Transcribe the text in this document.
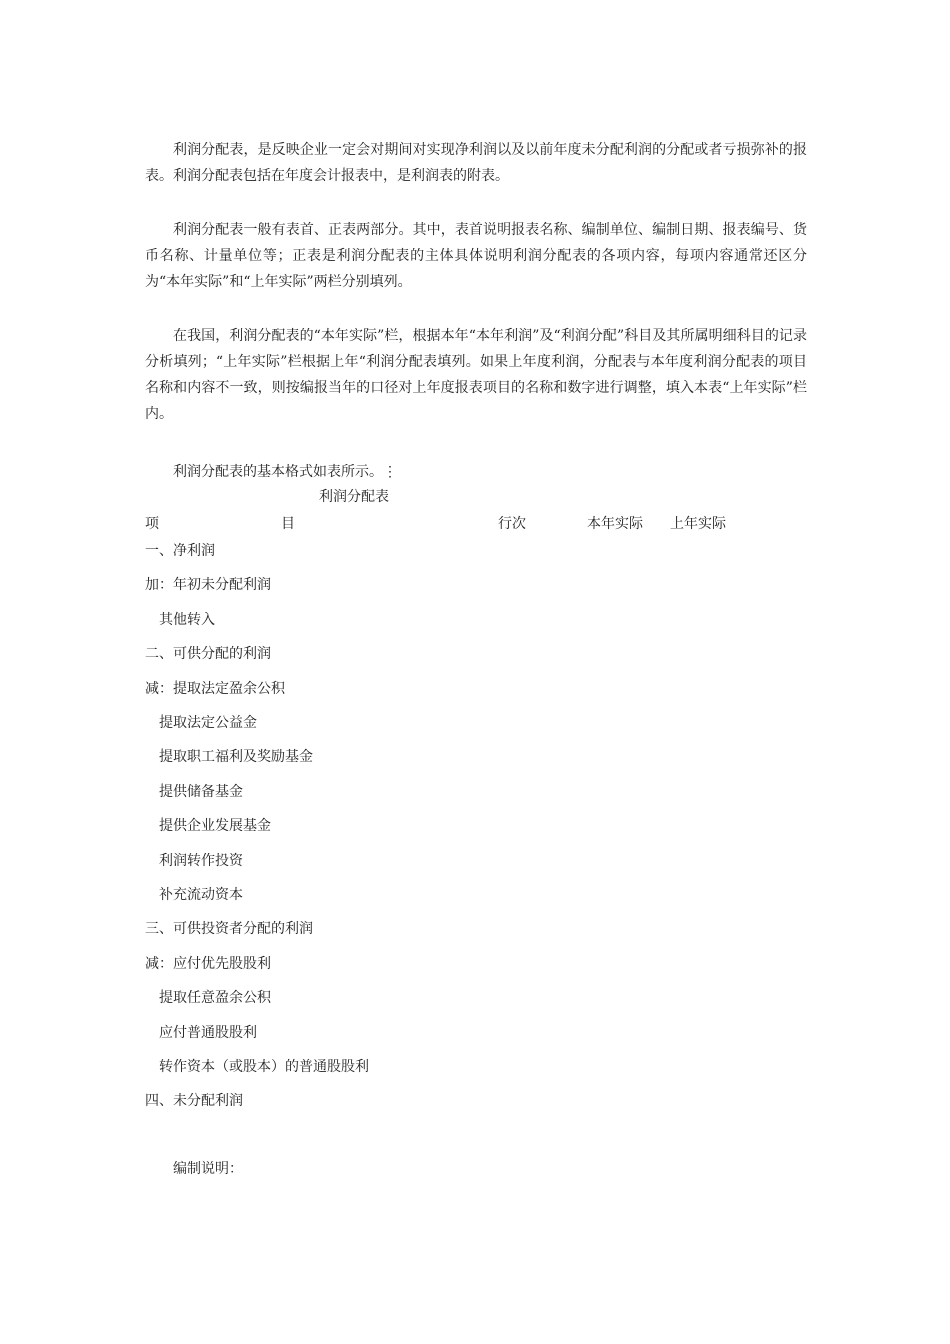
利润分配表，是反映企业一定会对期间对实现净利润以及以前年度未分配利润的分配或者亏损弥补的报表。利润分配表包括在年度会计报表中，是利润表的附表。

利润分配表一般有表首、正表两部分。其中，表首说明报表名称、编制单位、编制日期、报表编号、货币名称、计量单位等；正表是利润分配表的主体具体说明利润分配表的各项内容，每项内容通常还区分为“本年实际”和“上年实际”两栏分别填列。

在我国，利润分配表的“本年实际”栏，根据本年“本年利润”及“利润分配”科目及其所属明细科目的记录分析填列；“上年实际”栏根据上年“利润分配表填列。如果上年度利润，分配表与本年度利润分配表的项目名称和内容不一致，则按编报当年的口径对上年度报表项目的名称和数字进行调整，填入本表“上年实际”栏内。

利润分配表的基本格式如表所示。⋮
利润分配表
项	目	行次	本年实际 上年实际
一、净利润
加：年初未分配利润
其他转入
二、可供分配的利润
减：提取法定盈余公积
提取法定公益金
提取职工福利及奖励基金
提供储备基金
提供企业发展基金
利润转作投资
补充流动资本
三、可供投资者分配的利润
减：应付优先股股利
提取任意盈余公积
应付普通股股利
转作资本（或股本）的普通股股利
四、未分配利润
编制说明：
